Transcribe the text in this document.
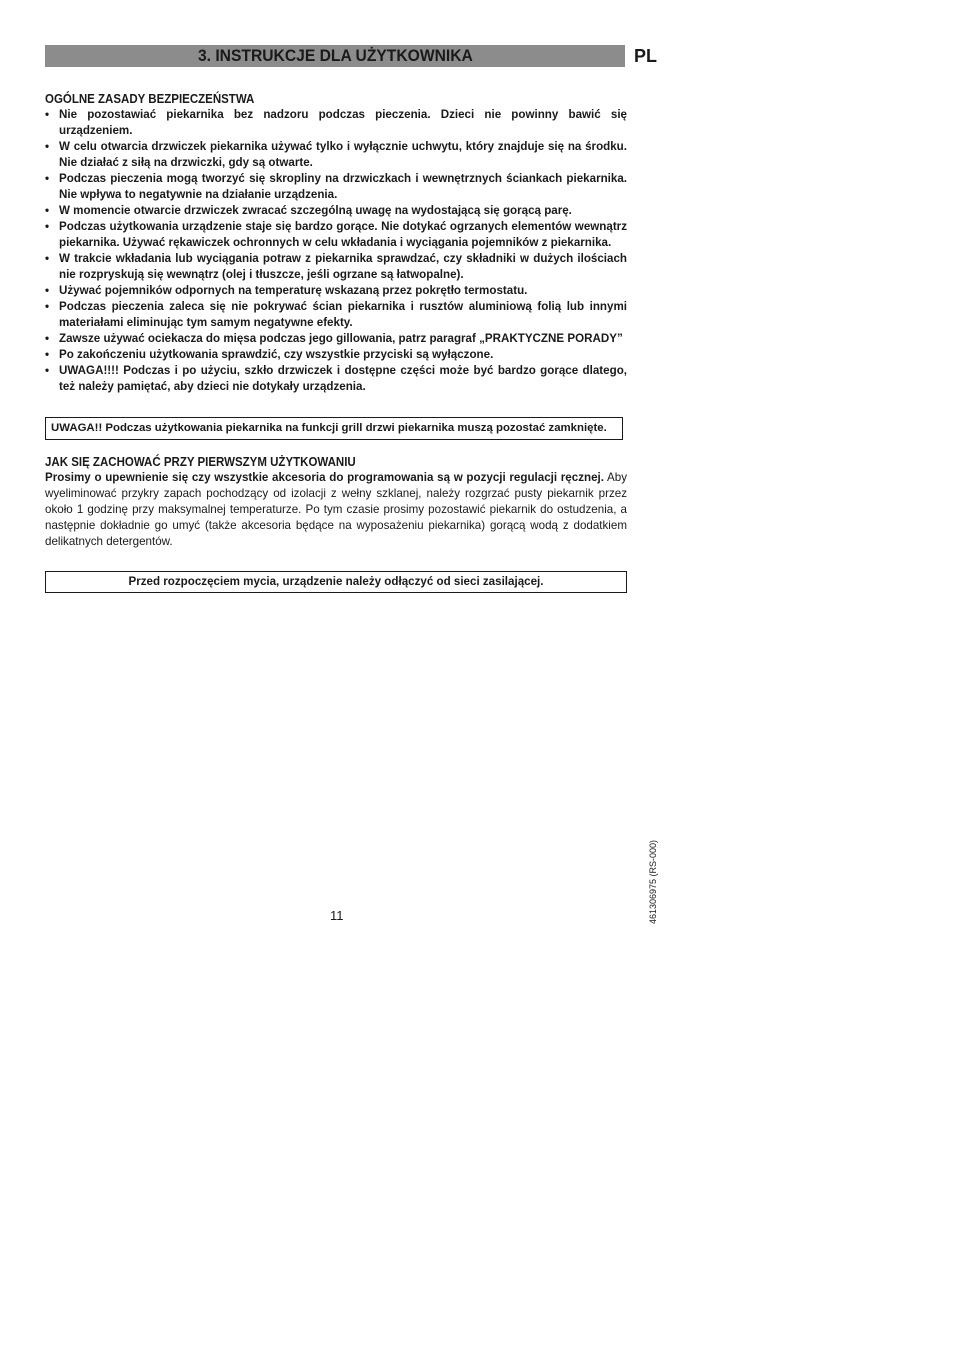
3. INSTRUKCJE DLA UŻYTKOWNIKA	PL
OGÓLNE ZASADY BEZPIECZEŃSTWA
• Nie pozostawiać piekarnika bez nadzoru podczas pieczenia. Dzieci nie powinny bawić się urządzeniem.
• W celu otwarcia drzwiczek piekarnika używać tylko i wyłącznie uchwytu, który znajduje się na środku. Nie działać z siłą na drzwiczki, gdy są otwarte.
• Podczas pieczenia mogą tworzyć się skropliny na drzwiczkach i wewnętrznych ściankach piekarnika. Nie wpływa to negatywnie na działanie urządzenia.
• W momencie otwarcie drzwiczek zwracać szczególną uwagę na wydostającą się gorącą parę.
• Podczas użytkowania urządzenie staje się bardzo gorące. Nie dotykać ogrzanych elementów wewnątrz piekarnika. Używać rękawiczek ochronnych w celu wkładania i wyciągania pojemników z piekarnika.
• W trakcie wkładania lub wyciągania potraw z piekarnika sprawdzać, czy składniki w dużych ilościach nie rozpryskują się wewnątrz (olej i tłuszcze, jeśli ogrzane są łatwopalne).
• Używać pojemników odpornych na temperaturę wskazaną przez pokrętło termostatu.
• Podczas pieczenia zaleca się nie pokrywać ścian piekarnika i rusztów aluminiową folią lub innymi materiałami eliminując tym samym negatywne efekty.
• Zawsze używać ociekacza do mięsa podczas jego gillowania, patrz paragraf „PRAKTYCZNE PORADY”
• Po zakończeniu użytkowania sprawdzić, czy wszystkie przyciski są wyłączone.
• UWAGA!!!! Podczas i po użyciu, szkło drzwiczek i dostępne części może być bardzo gorące dlatego, też należy pamiętać, aby dzieci nie dotykały urządzenia.
UWAGA!! Podczas użytkowania piekarnika na funkcji grill drzwi piekarnika muszą pozostać zamknięte.
JAK SIĘ ZACHOWAĆ PRZY PIERWSZYM UŻYTKOWANIU
Prosimy o upewnienie się czy wszystkie akcesoria do programowania są w pozycji regulacji ręcznej. Aby wyeliminować przykry zapach pochodzący od izolacji z wełny szklanej, należy rozgrzać pusty piekarnik przez około 1 godzinę przy maksymalnej temperaturze. Po tym czasie prosimy pozostawić piekarnik do ostudzenia, a następnie dokładnie go umyć (także akcesoria będące na wyposażeniu piekarnika) gorącą wodą z dodatkiem delikatnych detergentów.
Przed rozpoczęciem mycia, urządzenie należy odłączyć od sieci zasilającej.
11	461306975 (RS-000)
